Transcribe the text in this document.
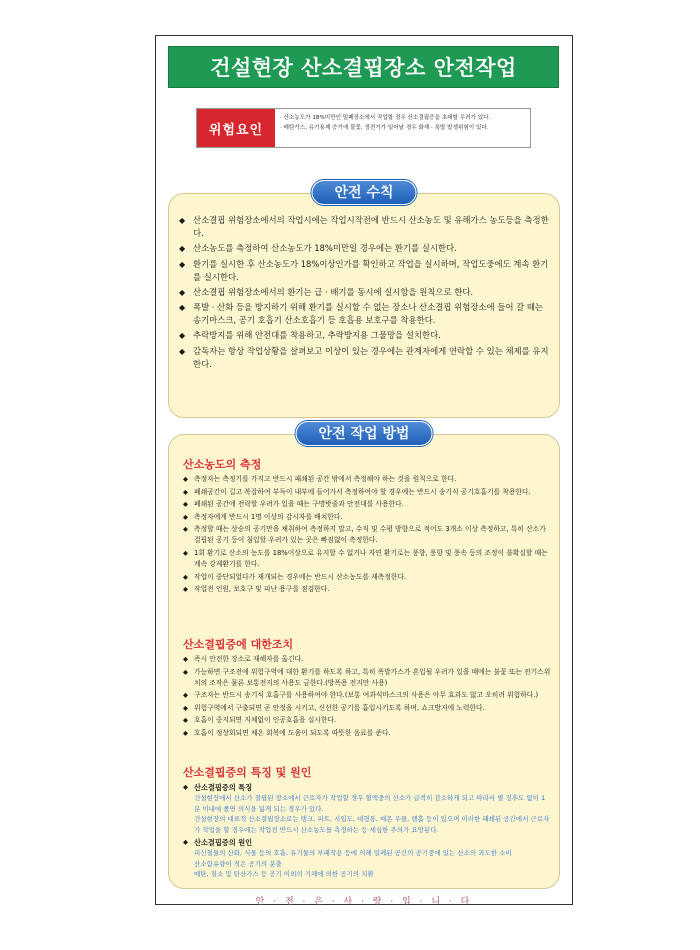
건설현장 산소결핍장소 안전작업
위험요인
· 산소농도가 18%미만인 밀폐장소에서 작업할 경우 산소결핍증을 초래할 우려가 있다.
· 메탄가스, 유기용제 증기에 불꽃, 정전기가 일어날 경우 화재 · 폭발 발생위험이 있다.
안전 수칙
◆ 산소결핍 위험장소에서의 작업시에는 작업시작전에 반드시 산소농도 및 유해가스 농도등을 측정한다.
◆ 산소농도를 측정하여 산소농도가 18%미만일 경우에는 환기를 실시한다.
◆ 환기를 실시한 후 산소농도가 18%이상인가를 확인하고 작업을 실시하며, 작업도중에도 계속 환기를 실시한다.
◆ 산소결핍 위험장소에서의 환기는 급 · 배기를 동시에 실시함을 원칙으로 한다.
◆ 폭발 · 산화 등을 방지하기 위해 환기를 실시할 수 없는 장소나 산소결핍 위험장소에 들어 갈 때는 송기마스크, 공기 호흡기 산소호흡기 등 호흡용 보호구를 착용한다.
◆ 추락방지를 위해 안전대를 착용하고, 추락방지용 그물망을 설치한다.
◆ 감독자는 항상 작업상황을 살펴보고 이상이 있는 경우에는 관계자에게 연락할 수 있는 체제를 유지한다.
안전 작업 방법
산소농도의 측정
◆ 측정자는 측정기를 가지고 반드시 패쇄된 공간 밖에서 측정해야 하는 것을 원칙으로 한다.
◆ 폐쇄공간이 길고 복잡하여 부득이 내부에 들어가서 측정하여야 할 경우에는 반드시 송기식 공기호흡기를 착용한다.
◆ 폐쇄된 공간에 전락할 우려가 있을 때는 구명밧줄과 안전대를 사용한다.
◆ 측정자에게 반드시 1명 이상의 감시자를 배치한다.
◆ 측정할 때는 상승의 공기만을 채취하여 측정하지 말고, 수직 및 수평 방향으로 적어도 3개소 이상 측정하고, 특히 산소가 결핍된 공기 등이 침입할 우려가 있는 곳은 빠짐없이 측정한다.
◆ 1회 환기로 산소의 농도를 18%이상으로 유지할 수 없거나 자연 환기로는 풍향, 풍향 및 풍속 등의 조정이 불확실할 때는 계속 강제환기를 한다.
◆ 작업이 중단되었다가 재개되는 경우에는 반드시 산소농도를 재측정한다.
◆ 작업전 인원, 보호구 및 피난 용구를 점검한다.
산소결핍증에 대한조치
◆ 즉시 안전한 장소로 재해자를 옮긴다.
◆ 가능하면 구조전에 위험구역에 대한 환기를 하도록 하고, 특히 폭발가스가 혼입될 우려가 있을 때에는 불꽃 또는 전기스위치의 조작은 물론 보통전지의 사용도 금한다.(방폭용 전지만 사용)
◆ 구조자는 반드시 송기식 호흡구를 사용하여야 한다.(보통 여과식마스크의 사용은 아무 효과도 없고 오히려 위험하다.)
◆ 위험구역에서 구출되면 곧 안정을 시키고, 신선한 공기를 흡입시키도록 하며, 쇼크방지에 노력한다.
◆ 호흡이 중지되면 지체없이 인공호흡을 실시한다.
◆ 호흡이 정상회되면 체온 회복에 도움이 되도록 따뜻한 음료를 준다.
산소결핍증의 특징 및 원인
◆ 산소결핍증의 특징
건설현장에서 산소가 결핍된 장소에서 근로자가 작업할 경우 혈액중의 산소가 급격히 감소하게 되고 따라서 별 징후도 없이 1분 이내에 졸연 의식을 잃게 되는 경우가 있다.
건설현장의 대표적 산소결핍장소로는 탱크, 피트, 시일도, 대형통, 매몬 우물, 맨홀 등이 있으며 이러한 패쇄된 공간에서 근로자가 작업을 할 경우에는 작업전 반드시 산소농도를 측정하는 등 세심한 주의가 요망된다.
◆ 산소결핍증의 원인
피신철물의 산화, 식물 등의 호흡, 유기물의 부패작용 등에 의해 밀폐된 공간의 공기중에 있는 산소의 과도한 소비
산소함유량이 적은 공기의 분출
메탄, 질소 및 탄산가스 등 공기 이외의 기체에 의한 공기의 치환
안 · 전 · 은 · 사 · 랑 · 입 · 니 · 다
